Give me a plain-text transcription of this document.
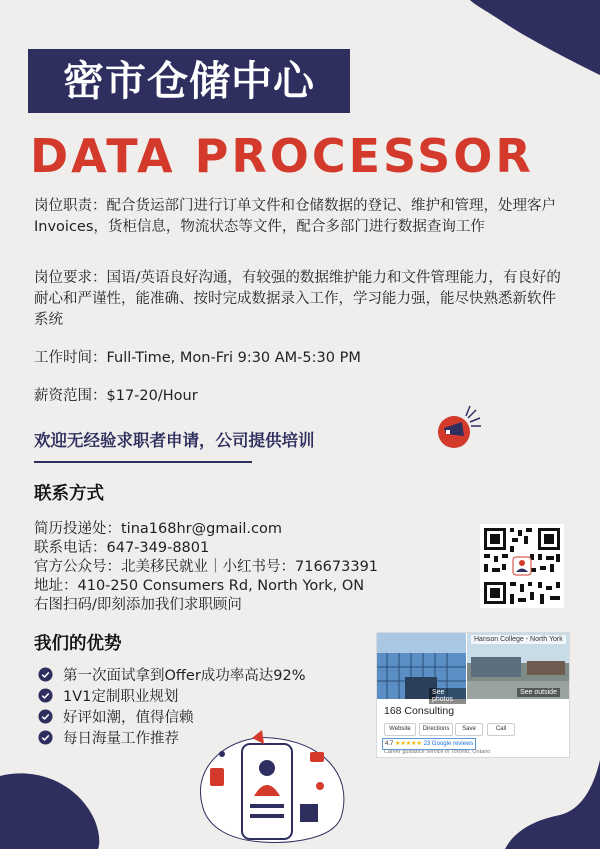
密市仓储中心
DATA PROCESSOR

岗位职责：配合货运部门进行订单文件和仓储数据的登记、维护和管理，处理客户Invoices，货柜信息，物流状态等文件，配合多部门进行数据查询工作

岗位要求：国语/英语良好沟通，有较强的数据维护能力和文件管理能力，有良好的耐心和严谨性，能准确、按时完成数据录入工作，学习能力强，能尽快熟悉新软件系统

工作时间：Full-Time, Mon-Fri 9:30 AM-5:30 PM

薪资范围：$17-20/Hour

欢迎无经验求职者申请，公司提供培训
联系方式
简历投递处：tina168hr@gmail.com
联系电话：647-349-8801
官方公众号：北美移民就业｜小红书号：716673391
地址：410-250 Consumers Rd, North York, ON
右图扫码/即刻添加我们求职顾问
我们的优势
第一次面试拿到Offer成功率高达92%
1V1定制职业规划
好评如潮，值得信赖
每日海量工作推荐
See photos
Hanson College - North York
See outside
168 Consulting
Website	Directions	Save	Call
4.7 ★★★★★ 23 Google reviews
Career guidance service in Toronto, Ontario
